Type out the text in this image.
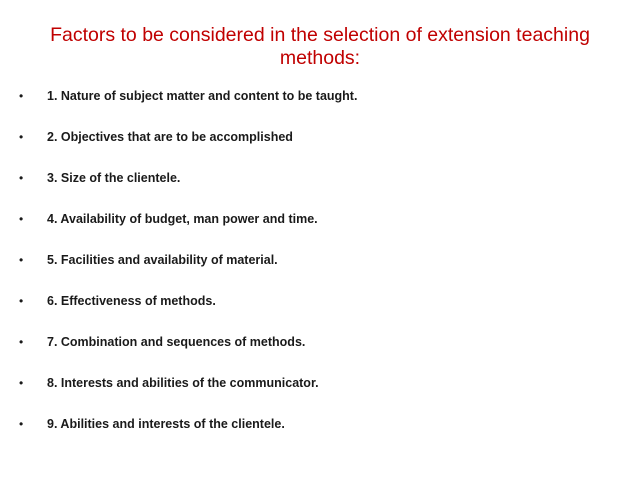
Factors to be considered in the selection of extension teaching methods:
• 1. Nature of subject matter and content to be taught.
• 2. Objectives that are to be accomplished
• 3. Size of the clientele.
• 4. Availability of budget, man power and time.
• 5. Facilities and availability of material.
• 6. Effectiveness of methods.
• 7. Combination and sequences of methods.
• 8. Interests and abilities of the communicator.
• 9. Abilities and interests of the clientele.
